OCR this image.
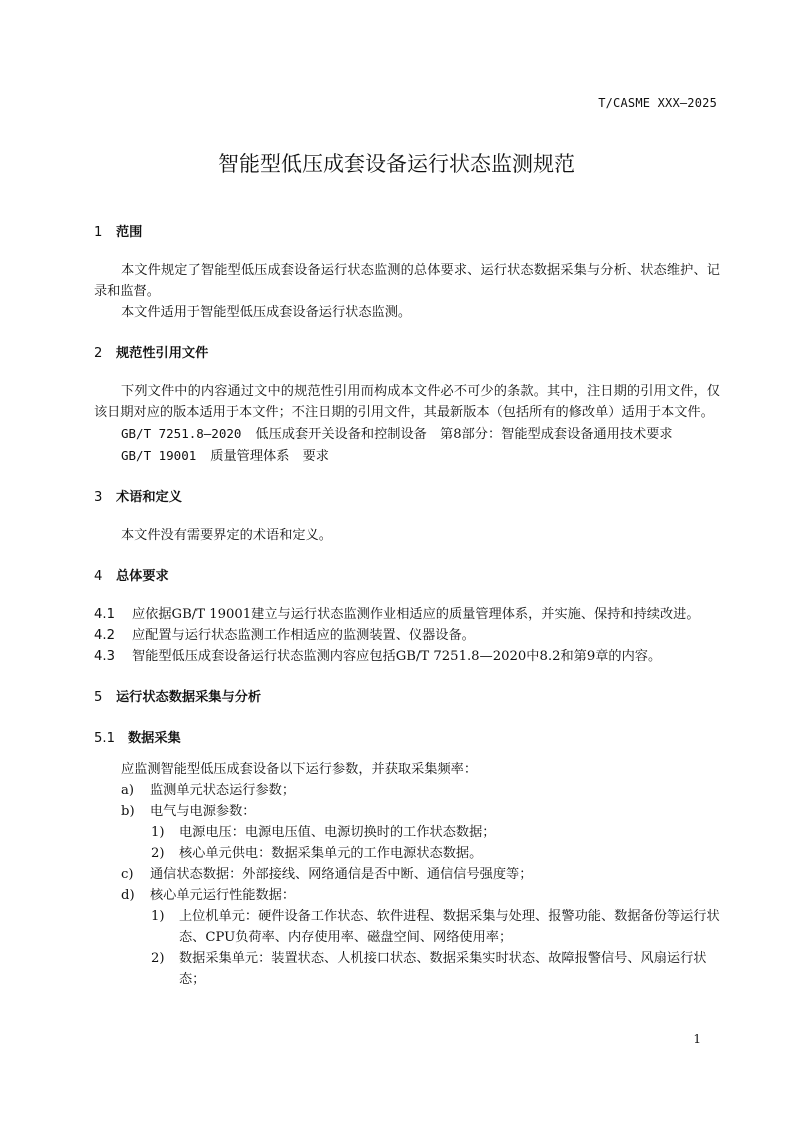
T/CASME XXX—2025
智能型低压成套设备运行状态监测规范
1 范围

本文件规定了智能型低压成套设备运行状态监测的总体要求、运行状态数据采集与分析、状态维护、记录和监督。

本文件适用于智能型低压成套设备运行状态监测。

2 规范性引用文件

下列文件中的内容通过文中的规范性引用而构成本文件必不可少的条款。其中，注日期的引用文件，仅该日期对应的版本适用于本文件；不注日期的引用文件，其最新版本（包括所有的修改单）适用于本文件。

GB/T 7251.8—2020 低压成套开关设备和控制设备　第8部分：智能型成套设备通用技术要求
GB/T 19001 质量管理体系　要求
3 术语和定义

本文件没有需要界定的术语和定义。

4 总体要求
4.1 应依据GB/T 19001建立与运行状态监测作业相适应的质量管理体系，并实施、保持和持续改进。
4.2 应配置与运行状态监测工作相适应的监测装置、仪器设备。
4.3 智能型低压成套设备运行状态监测内容应包括GB/T 7251.8—2020中8.2和第9章的内容。
5 运行状态数据采集与分析
5.1 数据采集

应监测智能型低压成套设备以下运行参数，并获取采集频率：

a) 监测单元状态运行参数；
b) 电气与电源参数：
1) 电源电压：电源电压值、电源切换时的工作状态数据；
2) 核心单元供电：数据采集单元的工作电源状态数据。
c) 通信状态数据：外部接线、网络通信是否中断、通信信号强度等；
d) 核心单元运行性能数据：
1) 上位机单元：硬件设备工作状态、软件进程、数据采集与处理、报警功能、数据备份等运行状态、CPU负荷率、内存使用率、磁盘空间、网络使用率；
2) 数据采集单元：装置状态、人机接口状态、数据采集实时状态、故障报警信号、风扇运行状态；
1
